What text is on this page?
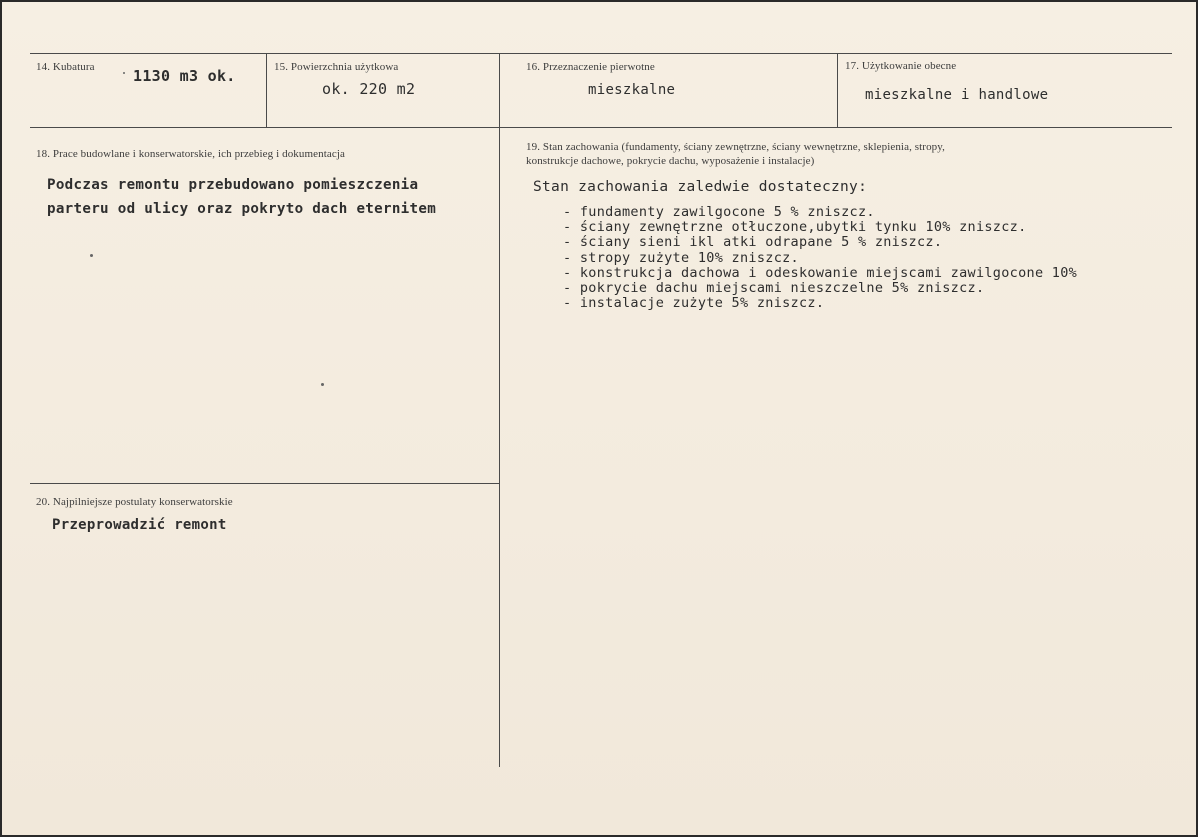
14. Kubatura	1130 m3 ok.	15. Powierzchnia użytkowa
ok. 220 m2
16. Przeznaczenie pierwotne
mieszkalne
17. Użytkowanie obecne
mieszkalne i handlowe
18. Prace budowlane i konserwatorskie, ich przebieg i dokumentacja
Podczas remontu przebudowano pomieszczenia
parteru od ulicy oraz pokryto dach eternitem
19. Stan zachowania (fundamenty, ściany zewnętrzne, ściany wewnętrzne, sklepienia, stropy,
konstrukcje dachowe, pokrycie dachu, wyposażenie i instalacje)
Stan zachowania zaledwie dostateczny:
- fundamenty zawilgocone 5 % zniszcz.
- ściany zewnętrzne otłuczone,ubytki tynku 10% zniszcz.
- ściany sieni ikl atki odrapane 5 % zniszcz.
- stropy zużyte 10% zniszcz.
- konstrukcja dachowa i odeskowanie miejscami zawilgocone 10%
- pokrycie dachu miejscami nieszczelne 5% zniszcz.
- instalacje zużyte 5% zniszcz.
20. Najpilniejsze postulaty konserwatorskie
Przeprowadzić remont
